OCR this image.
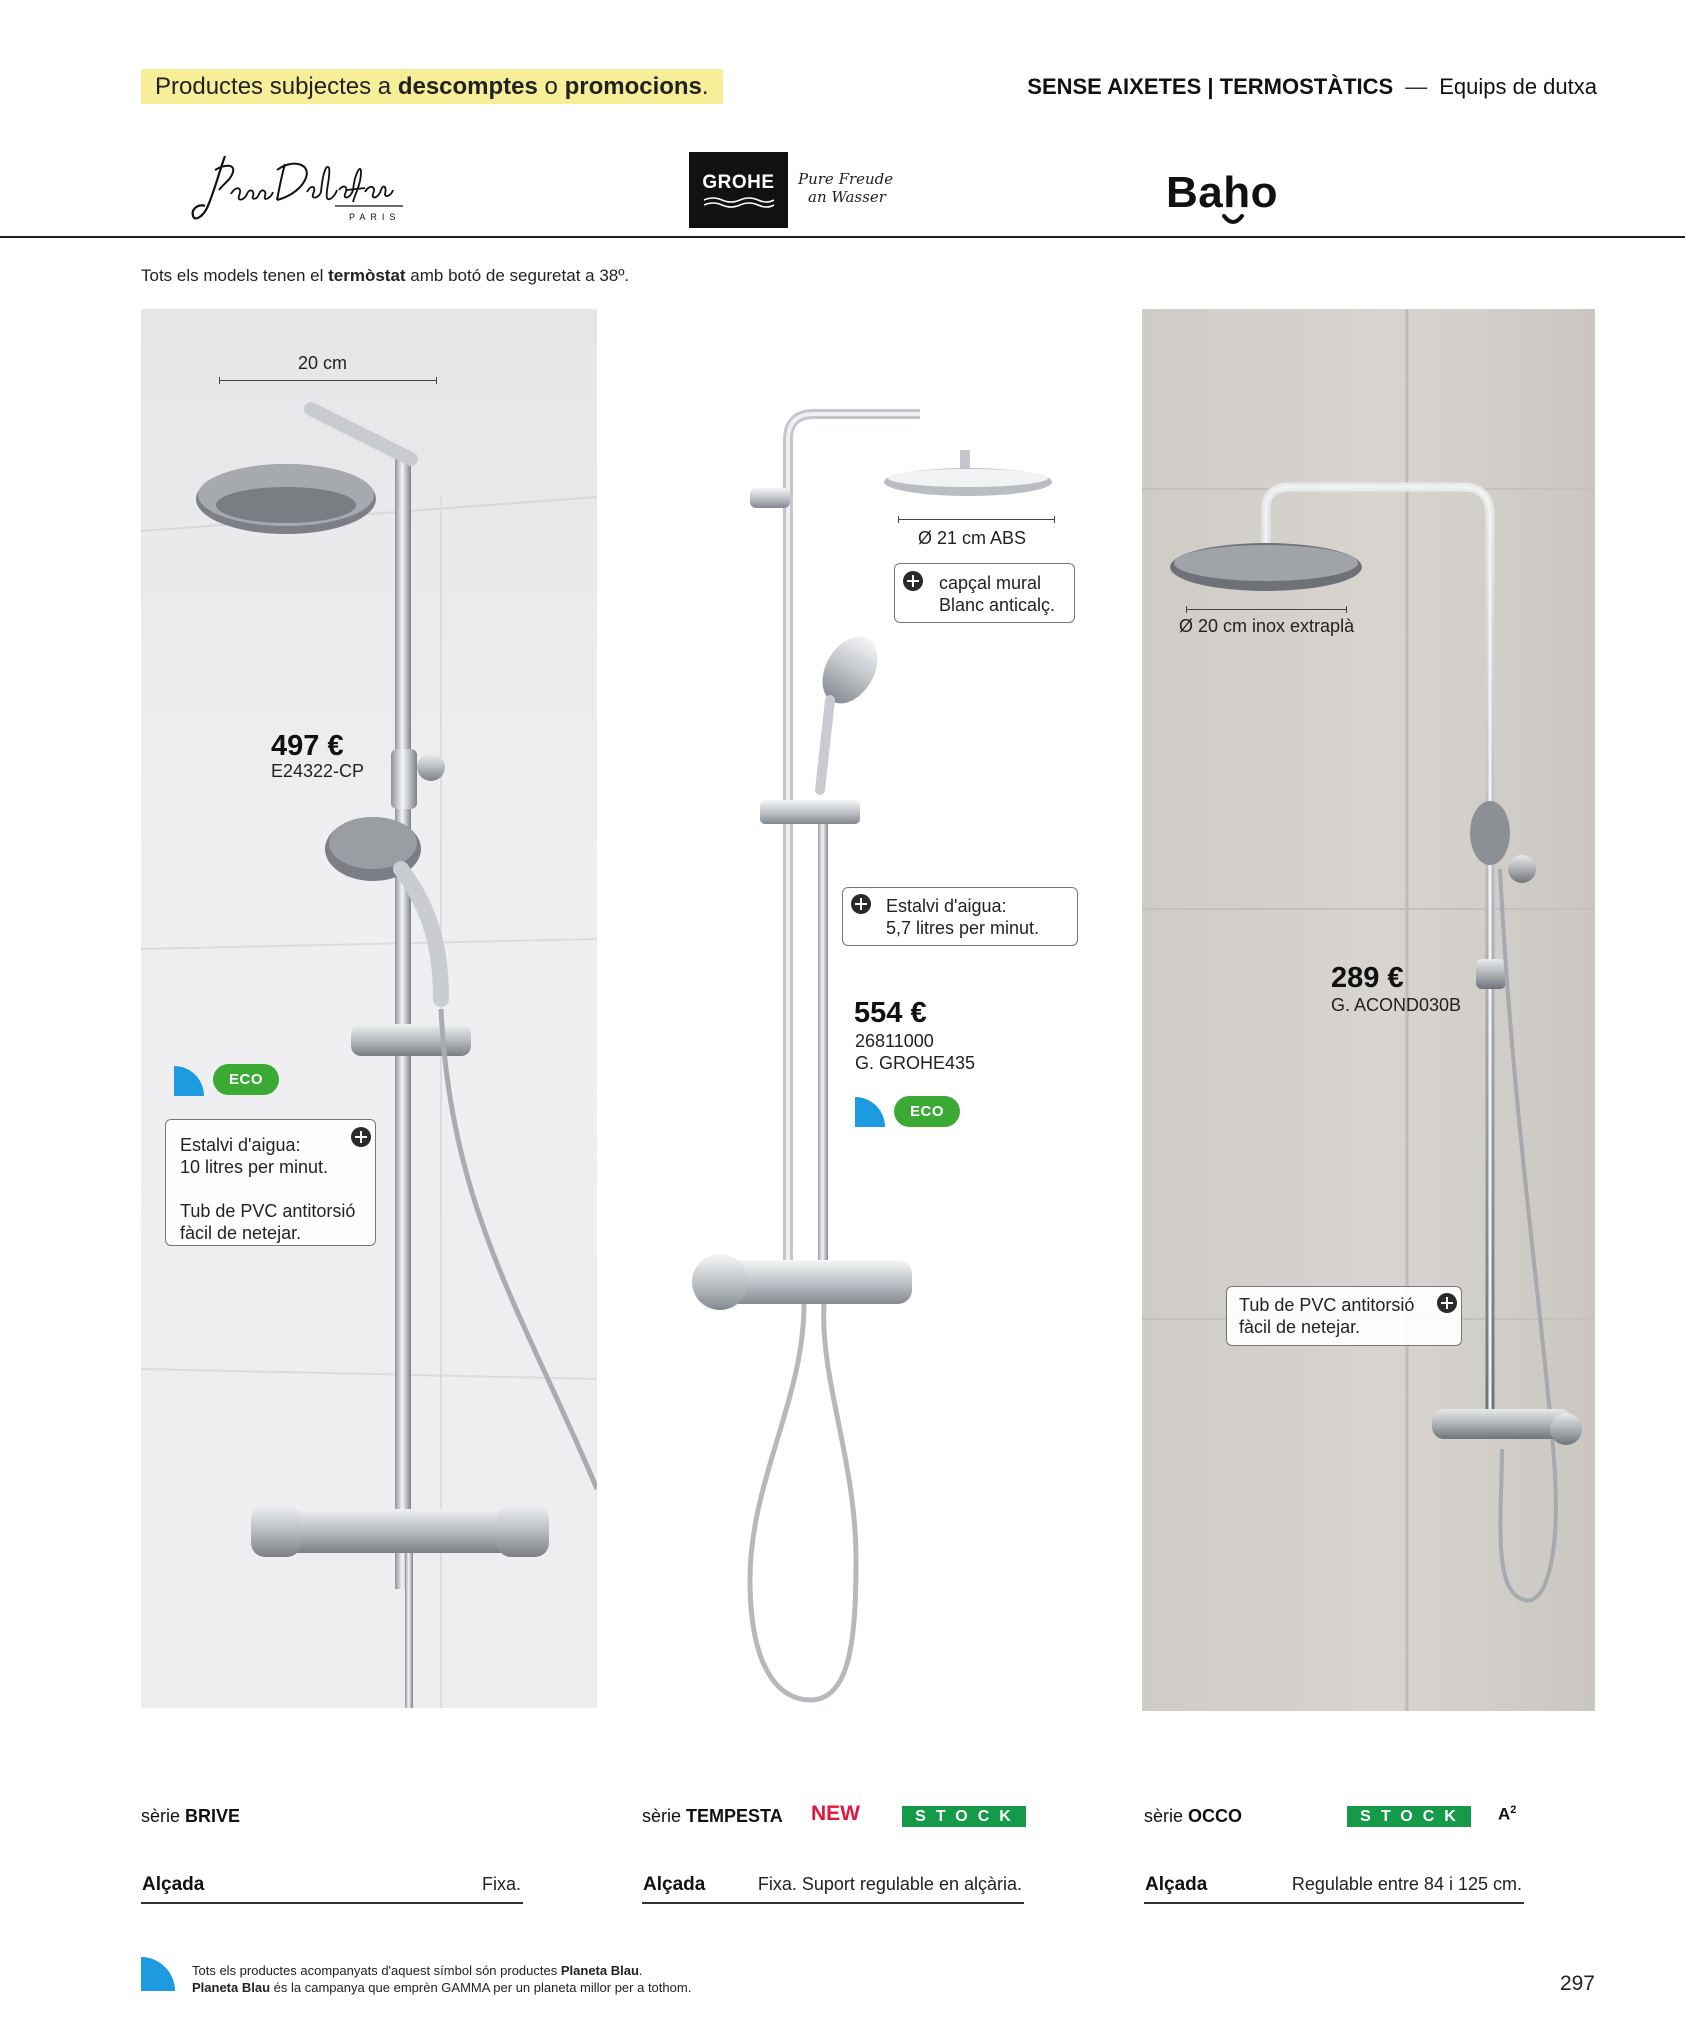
Productes subjectes a descomptes o promocions.	SENSE AIXETES | TERMOSTÀTICS — Equips de dutxa
PARIS
GROHE	Pure Freude
an Wasser	Baho
Tots els models tenen el termòstat amb botó de seguretat a 38º.
20 cm
497 €
E24322-CP
ECO
Estalvi d'aigua:
10 litres per minut.
Tub de PVC antitorsió
fàcil de netejar.
Ø 21 cm ABS
capçal mural
Blanc anticalç.
Estalvi d'aigua:
5,7 litres per minut.
554 €
26811000
G. GROHE435
ECO
Ø 20 cm inox extraplà
289 €
G. ACOND030B
Tub de PVC antitorsió
fàcil de netejar.
sèrie BRIVE	sèrie TEMPESTA NEW	STOCK	sèrie OCCO	STOCK	$A^2$
Alçada	Fixa.	Alçada	Fixa. Suport regulable en alçària.	Alçada	Regulable entre 84 i 125 cm.
Tots els productes acompanyats d'aquest símbol són productes Planeta Blau.
Planeta Blau és la campanya que emprèn GAMMA per un planeta millor per a tothom.	297
